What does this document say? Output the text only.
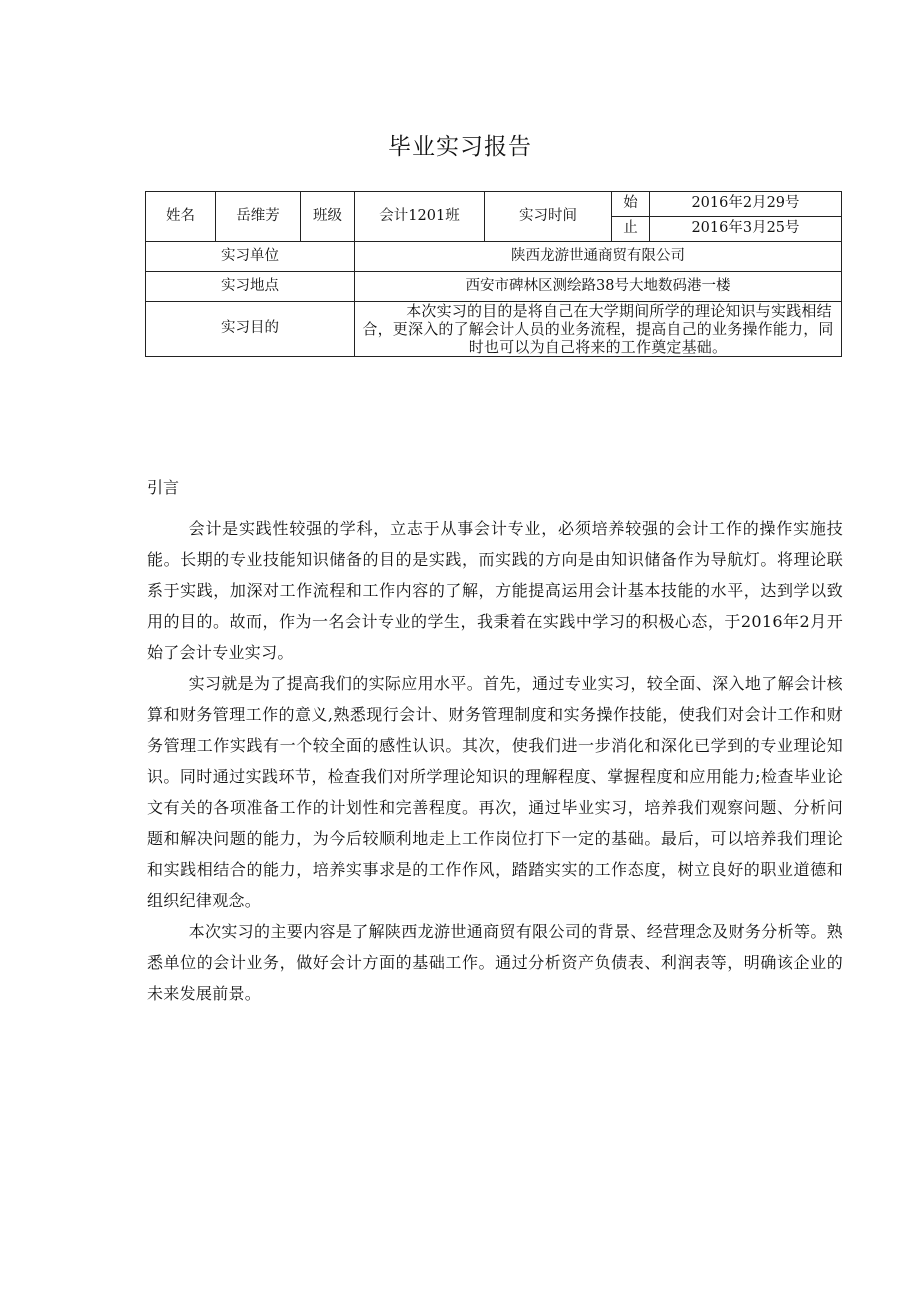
毕业实习报告
姓名	岳维芳	班级	会计1201班	实习时间	始	2016年2月29号
					止	2016年3月25号
实习单位			陕西龙游世通商贸有限公司			
实习地点			西安市碑林区测绘路38号大地数码港一楼			
实习目的			本次实习的目的是将自己在大学期间所学的理论知识与实践相结合，更深入的了解会计人员的业务流程，提高自己的业务操作能力，同时也可以为自己将来的工作奠定基础。			
引言

会计是实践性较强的学科，立志于从事会计专业，必须培养较强的会计工作的操作实施技能。长期的专业技能知识储备的目的是实践，而实践的方向是由知识储备作为导航灯。将理论联系于实践，加深对工作流程和工作内容的了解，方能提高运用会计基本技能的水平，达到学以致用的目的。故而，作为一名会计专业的学生，我秉着在实践中学习的积极心态，于2016年2月开始了会计专业实习。

实习就是为了提高我们的实际应用水平。首先，通过专业实习，较全面、深入地了解会计核算和财务管理工作的意义,熟悉现行会计、财务管理制度和实务操作技能，使我们对会计工作和财务管理工作实践有一个较全面的感性认识。其次，使我们进一步消化和深化已学到的专业理论知识。同时通过实践环节，检查我们对所学理论知识的理解程度、掌握程度和应用能力;检查毕业论文有关的各项准备工作的计划性和完善程度。再次，通过毕业实习，培养我们观察问题、分析问题和解决问题的能力，为今后较顺利地走上工作岗位打下一定的基础。最后，可以培养我们理论和实践相结合的能力，培养实事求是的工作作风，踏踏实实的工作态度，树立良好的职业道德和组织纪律观念。

本次实习的主要内容是了解陕西龙游世通商贸有限公司的背景、经营理念及财务分析等。熟悉单位的会计业务，做好会计方面的基础工作。通过分析资产负债表、利润表等，明确该企业的未来发展前景。
